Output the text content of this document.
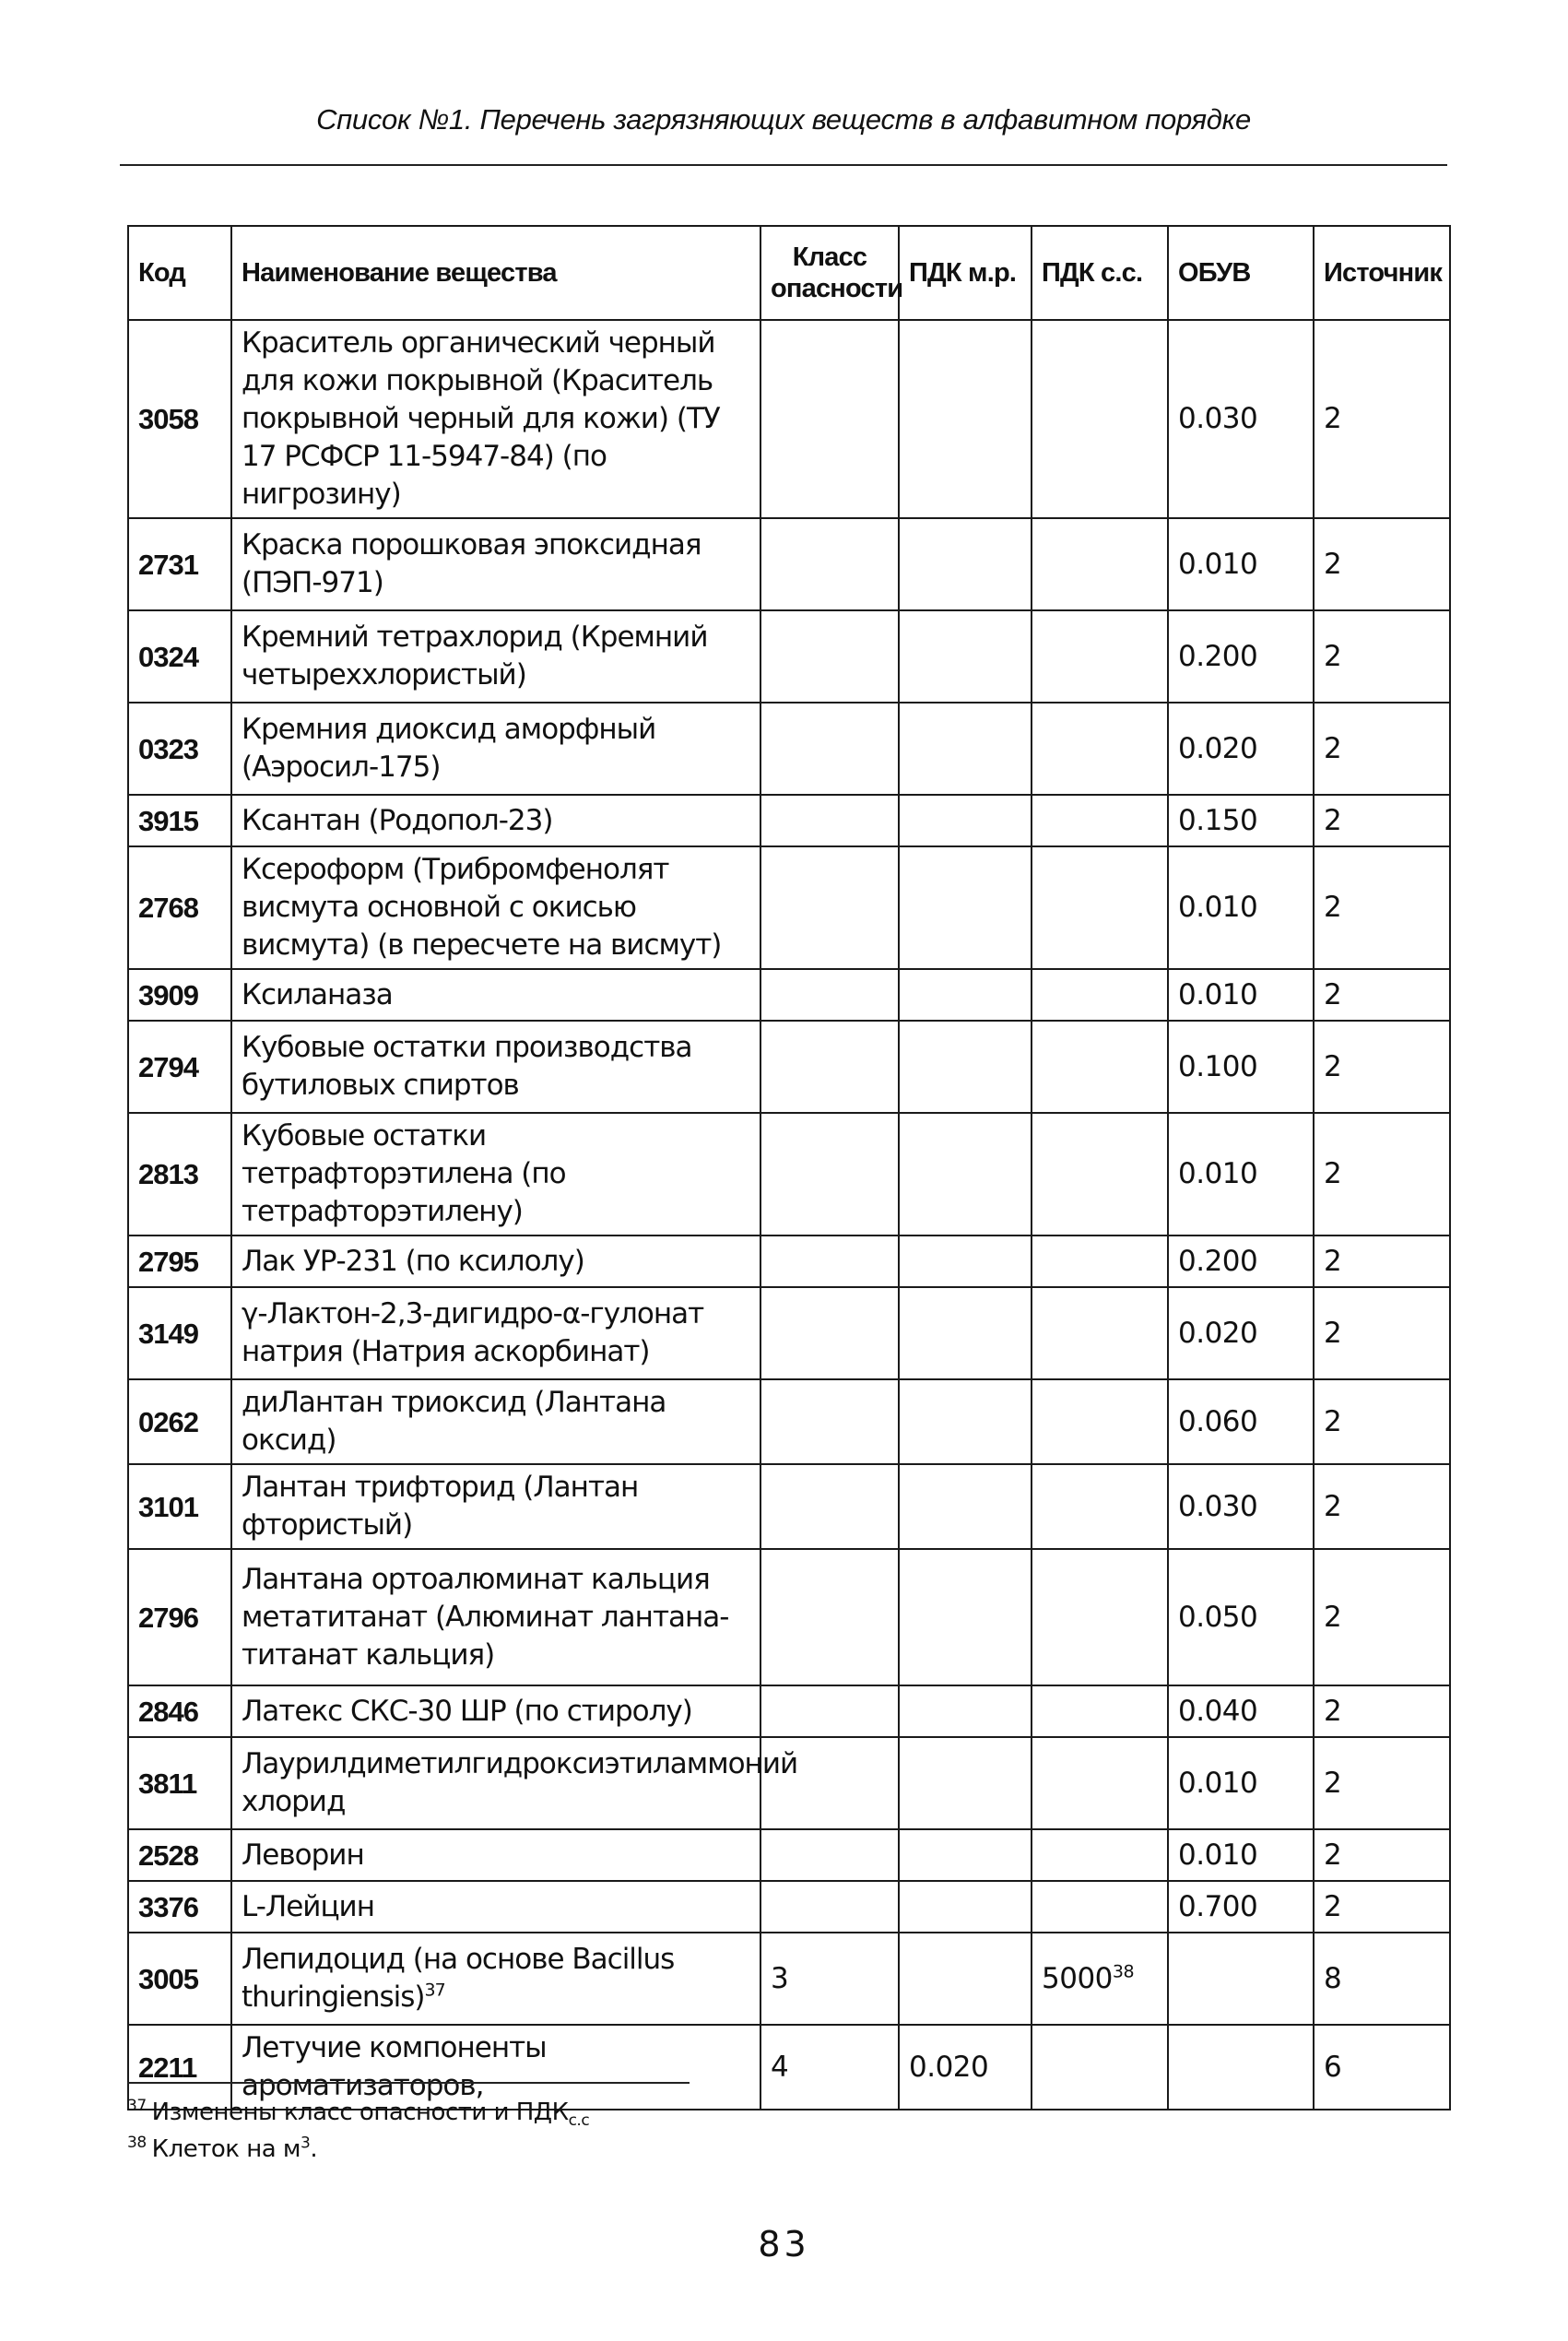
Список №1. Перечень загрязняющих веществ в алфавитном порядке
Код	Наименование вещества	Класс опасности	ПДК м.р.	ПДК с.с.	ОБУВ	Источник
3058	Краситель органический черный для кожи покрывной (Краситель покрывной черный для кожи) (ТУ 17 РСФСР 11-5947-84) (по нигрозину)				0.030	2
2731	Краска порошковая эпоксидная (ПЭП-971)				0.010	2
0324	Кремний тетрахлорид (Кремний четыреххлористый)				0.200	2
0323	Кремния диоксид аморфный (Аэросил-175)				0.020	2
3915	Ксантан (Родопол-23)				0.150	2
2768	Ксероформ (Трибромфенолят висмута основной с окисью висмута) (в пересчете на висмут)				0.010	2
3909	Ксиланаза				0.010	2
2794	Кубовые остатки производства бутиловых спиртов				0.100	2
2813	Кубовые остатки тетрафторэтилена (по тетрафторэтилену)				0.010	2
2795	Лак УР-231 (по ксилолу)				0.200	2
3149	γ-Лактон-2,3-дигидро-α-гулонат натрия (Натрия аскорбинат)				0.020	2
0262	диЛантан триоксид (Лантана оксид)				0.060	2
3101	Лантан трифторид (Лантан фтористый)				0.030	2
2796	Лантана ортоалюминат кальция метатитанат (Алюминат лантана-титанат кальция)				0.050	2
2846	Латекс СКС-30 ШР (по стиролу)				0.040	2
3811	Лаурилдиметилгидроксиэтиламмоний хлорид				0.010	2
2528	Леворин				0.010	2
3376	L-Лейцин				0.700	2
3005	Лепидоцид (на основе Bacillus thuringiensis)$^{37}$	3		5000$^{38}$		8
2211	Летучие компоненты ароматизаторов,	4	0.020			6
$^{37}$ Изменены класс опасности и $ПДК_{с.с}$
$^{38}$ Клеток на $м^3$.
83
